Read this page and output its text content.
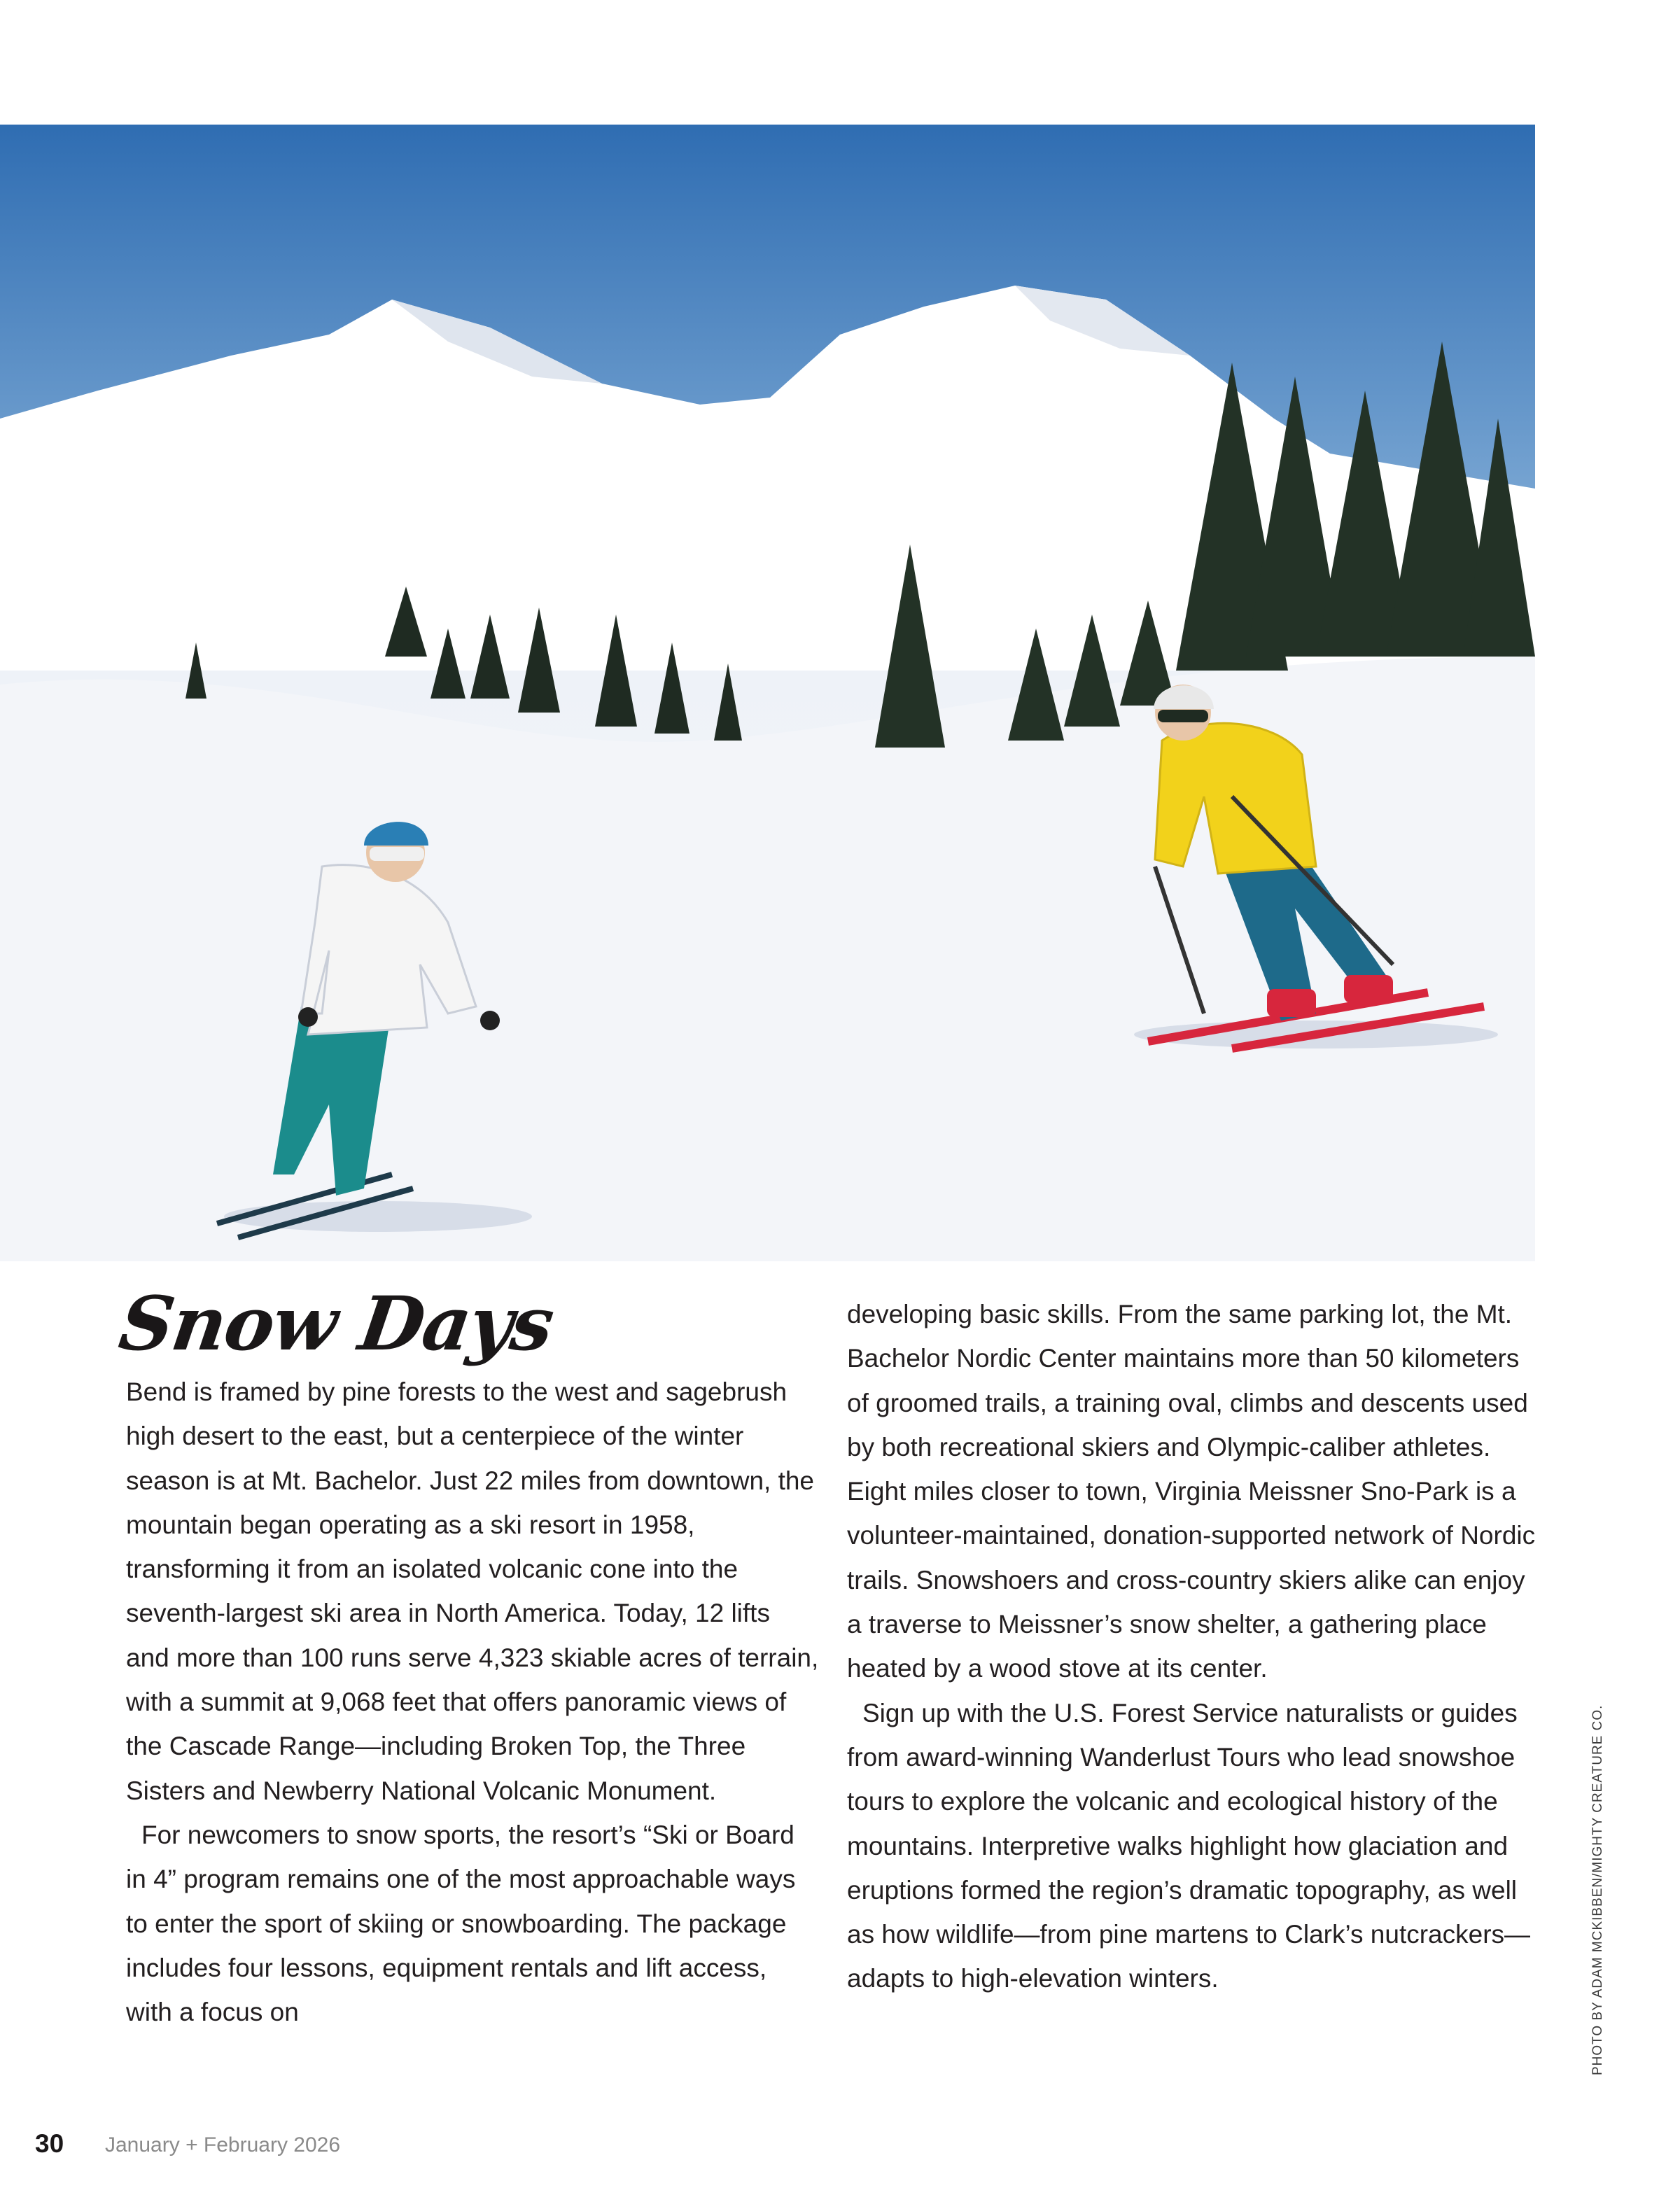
Snow Days

Bend is framed by pine forests to the west and sagebrush high desert to the east, but a centerpiece of the winter season is at Mt. Bachelor. Just 22 miles from downtown, the mountain began operating as a ski resort in 1958, transforming it from an isolated volcanic cone into the seventh-largest ski area in North America. Today, 12 lifts and more than 100 runs serve 4,323 skiable acres of terrain, with a summit at 9,068 feet that offers panoramic views of the Cascade Range—including Broken Top, the Three Sisters and Newberry National Volcanic Monument.

For newcomers to snow sports, the resort’s “Ski or Board in 4” program remains one of the most approachable ways to enter the sport of skiing or snowboarding. The package includes four lessons, equipment rentals and lift access, with a focus on

developing basic skills. From the same parking lot, the Mt. Bachelor Nordic Center maintains more than 50 kilometers of groomed trails, a training oval, climbs and descents used by both recreational skiers and Olympic-caliber athletes. Eight miles closer to town, Virginia Meissner Sno-Park is a volunteer-maintained, donation-supported network of Nordic trails. Snowshoers and cross-country skiers alike can enjoy a traverse to Meissner’s snow shelter, a gathering place heated by a wood stove at its center.

Sign up with the U.S. Forest Service naturalists or guides from award-winning Wanderlust Tours who lead snowshoe tours to explore the volcanic and ecological history of the mountains. Interpretive walks highlight how glaciation and eruptions formed the region’s dramatic topography, as well as how wildlife—from pine martens to Clark’s nutcrackers—adapts to high-elevation winters.	PHOTO BY ADAM MCKIBBEN/MIGHTY CREATURE CO.
30 January + February 2026
